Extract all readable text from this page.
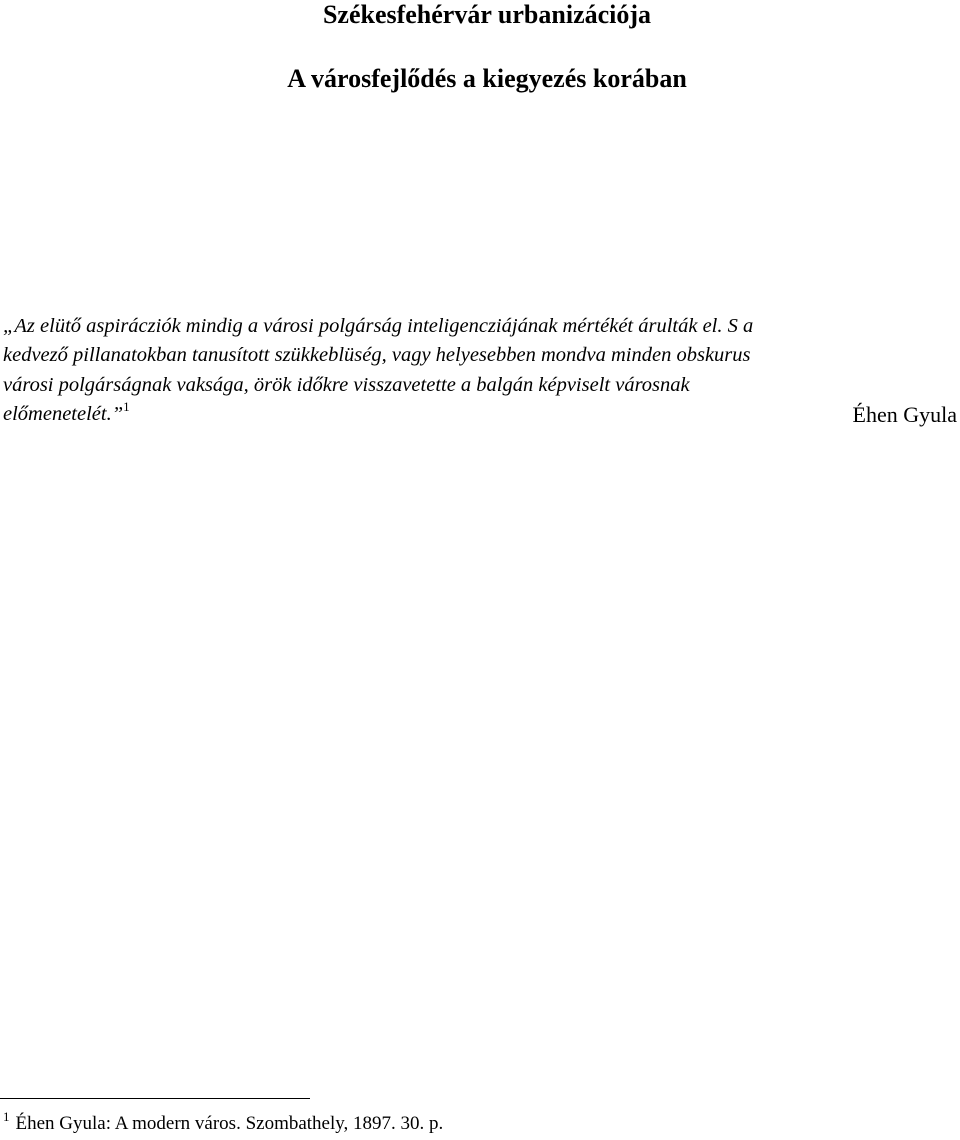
Székesfehérvár urbanizációja
A városfejlődés a kiegyezés korában
„Az elütő aspirácziók mindig a városi polgárság inteligencziájának mértékét árulták el. S a
kedvező pillanatokban tanusított szükkeblüség, vagy helyesebben mondva minden obskurus
városi polgárságnak vaksága, örök időkre visszavetette a balgán képviselt városnak
előmenetelét.”$^1$	Éhen Gyula
$^1$ Éhen Gyula: A modern város. Szombathely, 1897. 30. p.
